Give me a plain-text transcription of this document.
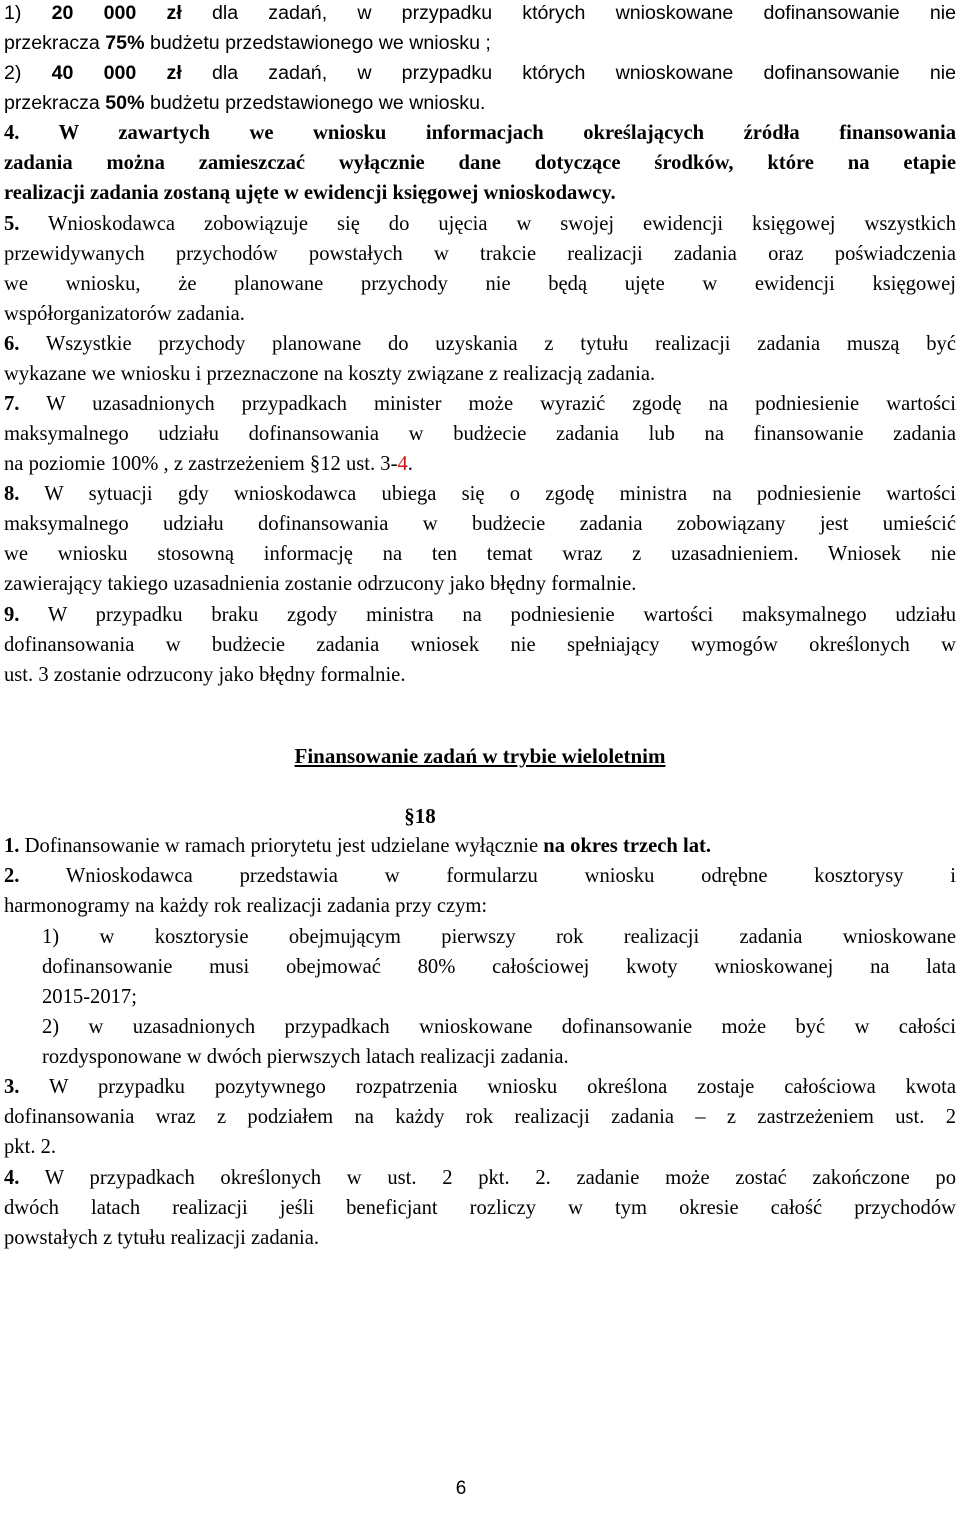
1) 20 000 zł dla zadań, w przypadku których wnioskowane dofinansowanie nie
przekracza 75% budżetu przedstawionego we wniosku ;
2) 40 000 zł dla zadań, w przypadku których wnioskowane dofinansowanie nie
przekracza 50% budżetu przedstawionego we wniosku.
4. W zawartych we wniosku informacjach określających źródła finansowania
zadania można zamieszczać wyłącznie dane dotyczące środków, które na etapie
realizacji zadania zostaną ujęte w ewidencji księgowej wnioskodawcy.
5. Wnioskodawca zobowiązuje się do ujęcia w swojej ewidencji księgowej wszystkich
przewidywanych przychodów powstałych w trakcie realizacji zadania oraz poświadczenia
we wniosku, że planowane przychody nie będą ujęte w ewidencji księgowej
współorganizatorów zadania.
6. Wszystkie przychody planowane do uzyskania z tytułu realizacji zadania muszą być
wykazane we wniosku i przeznaczone na koszty związane z realizacją zadania.
7. W uzasadnionych przypadkach minister może wyrazić zgodę na podniesienie wartości
maksymalnego udziału dofinansowania w budżecie zadania lub na finansowanie zadania
na poziomie 100% , z zastrzeżeniem §12 ust. 3-4.
8. W sytuacji gdy wnioskodawca ubiega się o zgodę ministra na podniesienie wartości
maksymalnego udziału dofinansowania w budżecie zadania zobowiązany jest umieścić
we wniosku stosowną informację na ten temat wraz z uzasadnieniem. Wniosek nie
zawierający takiego uzasadnienia zostanie odrzucony jako błędny formalnie.
9. W przypadku braku zgody ministra na podniesienie wartości maksymalnego udziału
dofinansowania w budżecie zadania wniosek nie spełniający wymogów określonych w
ust. 3 zostanie odrzucony jako błędny formalnie.
Finansowanie zadań w trybie wieloletnim
§18
1. Dofinansowanie w ramach priorytetu jest udzielane wyłącznie na okres trzech lat.
2. Wnioskodawca przedstawia w formularzu wniosku odrębne kosztorysy i
harmonogramy na każdy rok realizacji zadania przy czym:
1) w kosztorysie obejmującym pierwszy rok realizacji zadania wnioskowane
dofinansowanie musi obejmować 80% całościowej kwoty wnioskowanej na lata
2015-2017;
2) w uzasadnionych przypadkach wnioskowane dofinansowanie może być w całości
rozdysponowane w dwóch pierwszych latach realizacji zadania.
3. W przypadku pozytywnego rozpatrzenia wniosku określona zostaje całościowa kwota
dofinansowania wraz z podziałem na każdy rok realizacji zadania – z zastrzeżeniem ust. 2
pkt. 2.
4. W przypadkach określonych w ust. 2 pkt. 2. zadanie może zostać zakończone po
dwóch latach realizacji jeśli beneficjant rozliczy w tym okresie całość przychodów
powstałych z tytułu realizacji zadania.
6
